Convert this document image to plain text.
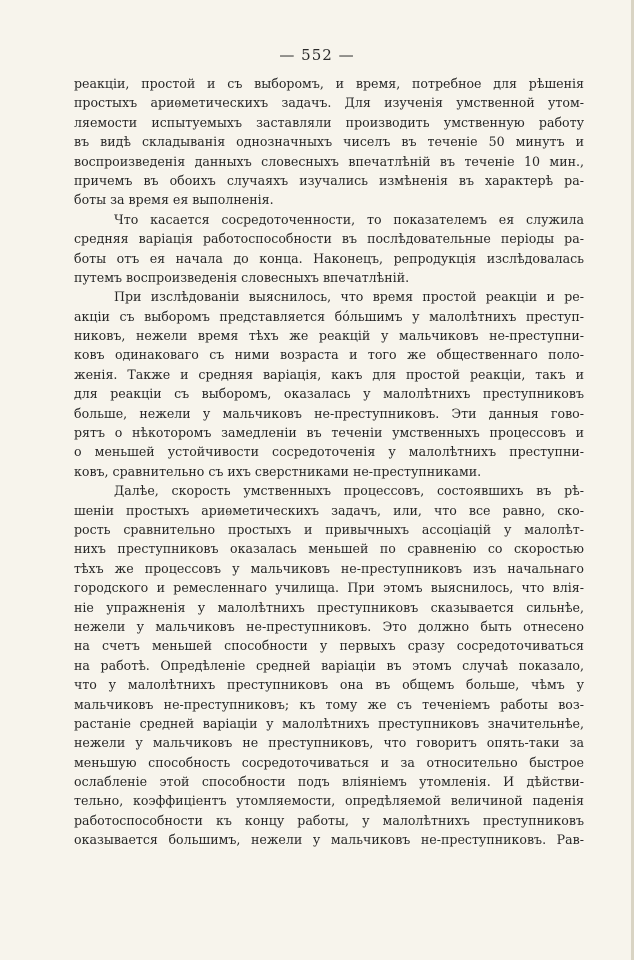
— 552 —
реакціи, простой и съ выборомъ, и время, потребное для рѣшенія
простыхъ ариѳметическихъ задачъ. Для изученія умственной утом-
ляемости испытуемыхъ заставляли производить умственную работу
въ видѣ складыванія однозначныхъ чиселъ въ теченіе 50 минутъ и
воспроизведенія данныхъ словесныхъ впечатлѣній въ теченіе 10 мин.,
причемъ въ обоихъ случаяхъ изучались измѣненія въ характерѣ ра-
боты за время ея выполненія.
Что касается сосредоточенности, то показателемъ ея служила
средняя варіація работоспособности въ послѣдовательные періоды ра-
боты отъ ея начала до конца. Наконецъ, репродукція изслѣдовалась
путемъ воспроизведенія словесныхъ впечатлѣній.
При изслѣдованіи выяснилось, что время простой реакціи и ре-
акціи съ выборомъ представляется бóльшимъ у малолѣтнихъ преступ-
никовъ, нежели время тѣхъ же реакцій у мальчиковъ не-преступни-
ковъ одинаковаго съ ними возраста и того же общественнаго поло-
женія. Также и средняя варіація, какъ для простой реакціи, такъ и
для реакціи съ выборомъ, оказалась у малолѣтнихъ преступниковъ
больше, нежели у мальчиковъ не-преступниковъ. Эти данныя гово-
рятъ о нѣкоторомъ замедленіи въ теченіи умственныхъ процессовъ и
о меньшей устойчивости сосредоточенія у малолѣтнихъ преступни-
ковъ, сравнительно съ ихъ сверстниками не-преступниками.
Далѣе, скорость умственныхъ процессовъ, состоявшихъ въ рѣ-
шеніи простыхъ ариѳметическихъ задачъ, или, что все равно, ско-
рость сравнительно простыхъ и привычныхъ ассоціацій у малолѣт-
нихъ преступниковъ оказалась меньшей по сравненію со скоростью
тѣхъ же процессовъ у мальчиковъ не-преступниковъ изъ начальнаго
городского и ремесленнаго училища. При этомъ выяснилось, что влія-
ніе упражненія у малолѣтнихъ преступниковъ сказывается сильнѣе,
нежели у мальчиковъ не-преступниковъ. Это должно быть отнесено
на счетъ меньшей способности у первыхъ сразу сосредоточиваться
на работѣ. Опредѣленіе средней варіаціи въ этомъ случаѣ показало,
что у малолѣтнихъ преступниковъ она въ общемъ больше, чѣмъ у
мальчиковъ не-преступниковъ; къ тому же съ теченіемъ работы воз-
растаніе средней варіаціи у малолѣтнихъ преступниковъ значительнѣе,
нежели у мальчиковъ не преступниковъ, что говоритъ опять-таки за
меньшую способность сосредоточиваться и за относительно быстрое
ослабленіе этой способности подъ вліяніемъ утомленія. И дѣйстви-
тельно, коэффиціентъ утомляемости, опредѣляемой величиной паденія
работоспособности къ концу работы, у малолѣтнихъ преступниковъ
оказывается большимъ, нежели у мальчиковъ не-преступниковъ. Рав-
